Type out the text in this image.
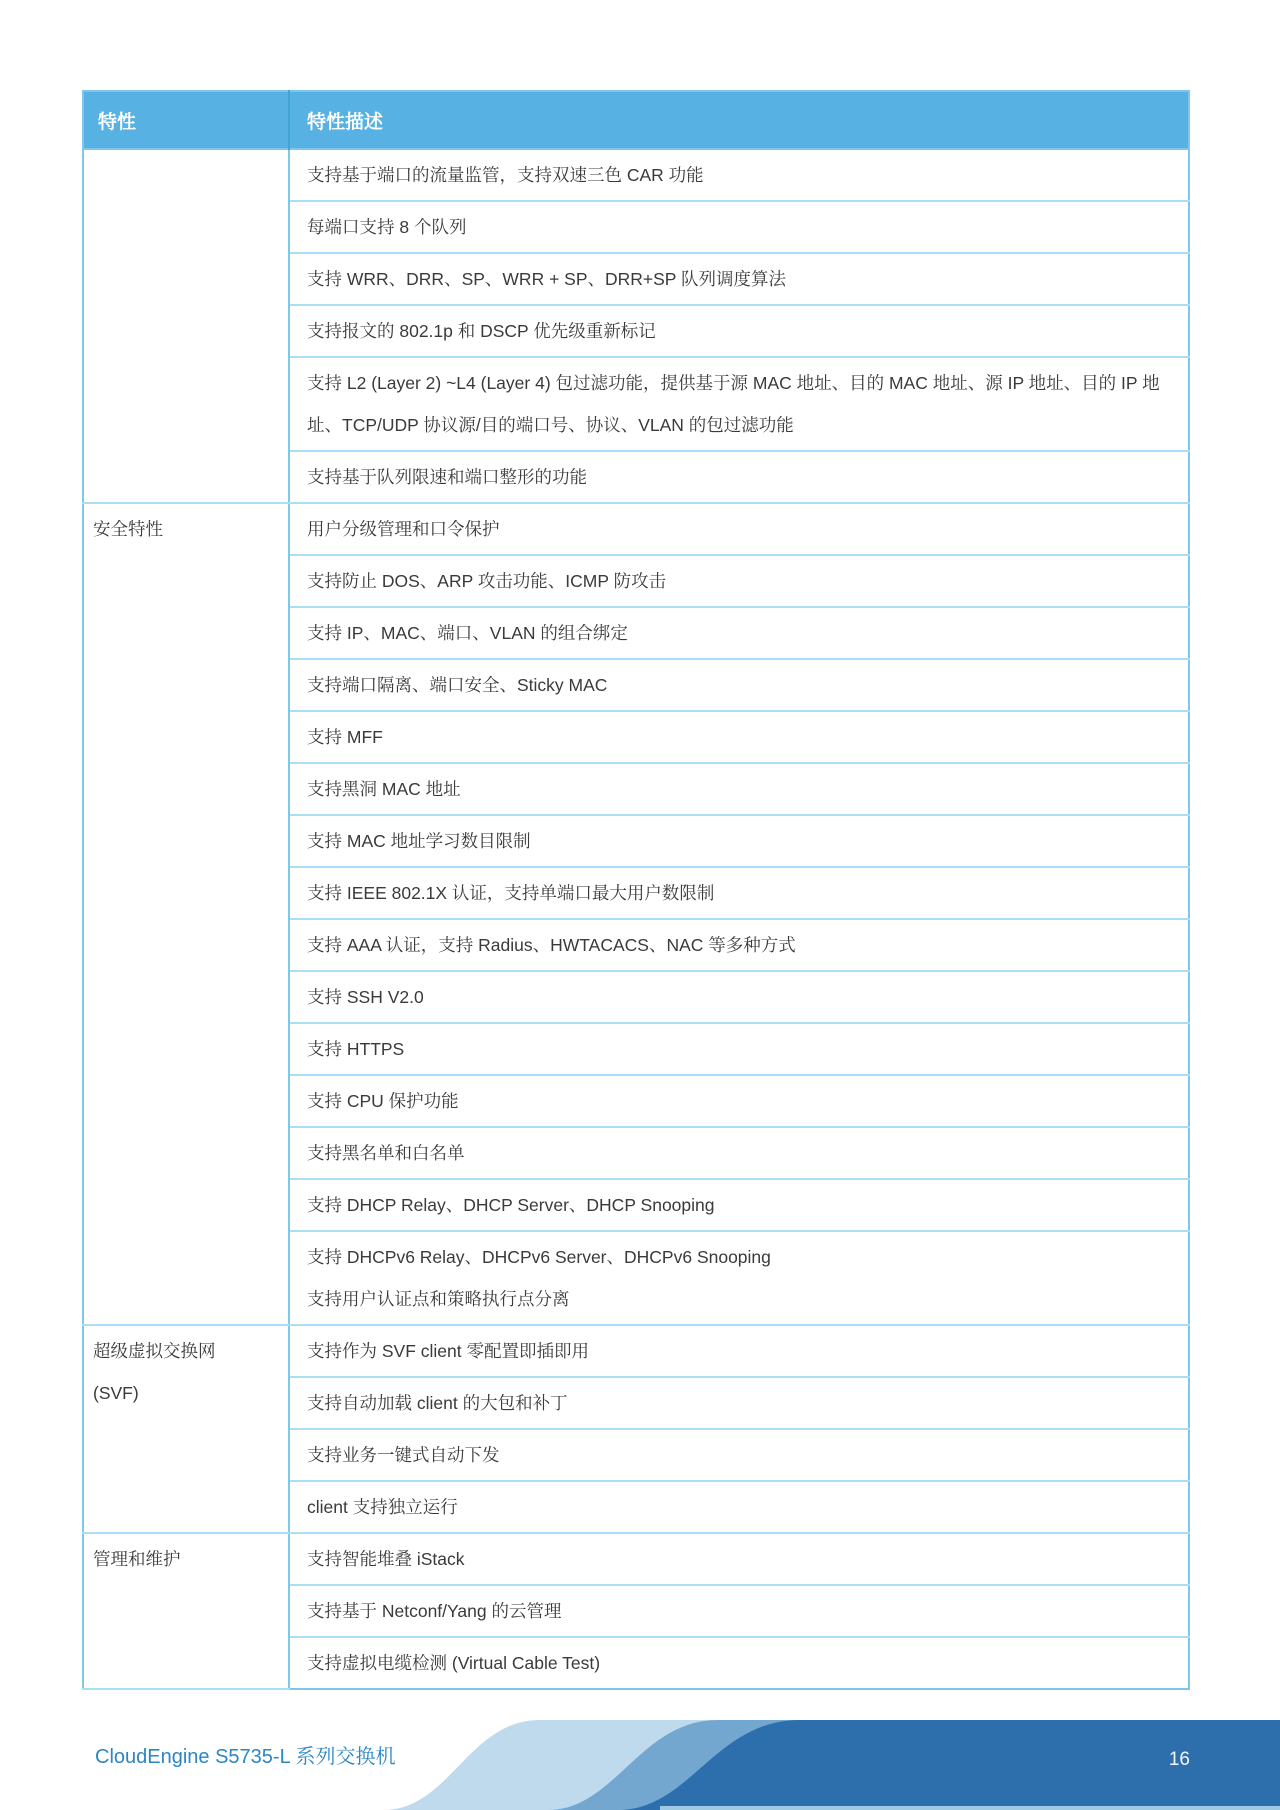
特性	特性描述

	支持基于端口的流量监管，支持双速三色 CAR 功能

	每端口支持 8 个队列

	支持 WRR、DRR、SP、WRR + SP、DRR+SP 队列调度算法

	支持报文的 802.1p 和 DSCP 优先级重新标记

	支持 L2 (Layer 2) ~L4 (Layer 4) 包过滤功能，提供基于源 MAC 地址、目的 MAC 地址、源 IP 地址、目的 IP 地址、TCP/UDP 协议源/目的端口号、协议、VLAN 的包过滤功能

	支持基于队列限速和端口整形的功能

安全特性	用户分级管理和口令保护

	支持防止 DOS、ARP 攻击功能、ICMP 防攻击

	支持 IP、MAC、端口、VLAN 的组合绑定

	支持端口隔离、端口安全、Sticky MAC

	支持 MFF

	支持黑洞 MAC 地址

	支持 MAC 地址学习数目限制

	支持 IEEE 802.1X 认证，支持单端口最大用户数限制

	支持 AAA 认证，支持 Radius、HWTACACS、NAC 等多种方式

	支持 SSH V2.0

	支持 HTTPS

	支持 CPU 保护功能

	支持黑名单和白名单

	支持 DHCP Relay、DHCP Server、DHCP Snooping

	支持 DHCPv6 Relay、DHCPv6 Server、DHCPv6 Snooping

支持用户认证点和策略执行点分离

超级虚拟交换网
(SVF)	支持作为 SVF client 零配置即插即用

	支持自动加载 client 的大包和补丁

	支持业务一键式自动下发

	client 支持独立运行

管理和维护	支持智能堆叠 iStack

	支持基于 Netconf/Yang 的云管理

	支持虚拟电缆检测 (Virtual Cable Test)

CloudEngine S5735-L 系列交换机	16
